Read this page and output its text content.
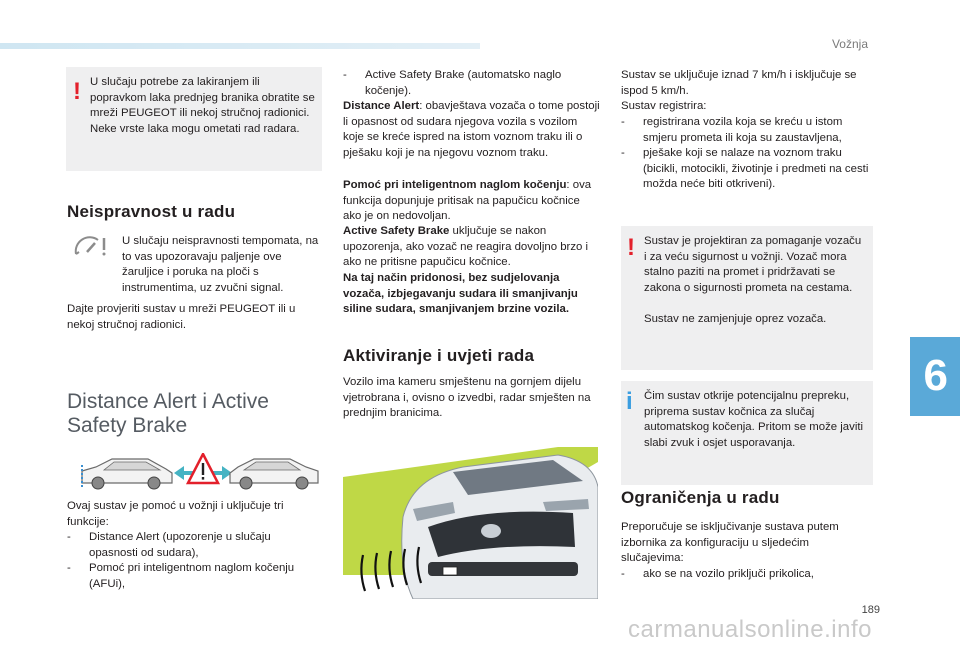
Vožnja
6
189
carmanualsonline.info
! U slučaju potrebe za lakiranjem ili popravkom laka prednjeg branika obratite se mreži PEUGEOT ili nekoj stručnoj radionici. Neke vrste laka mogu ometati rad radara.

Neispravnost u radu

U slučaju neispravnosti tempomata, na to vas upozoravaju paljenje ove žaruljice i poruka na ploči s instrumentima, uz zvučni signal.

Dajte provjeriti sustav u mreži PEUGEOT ili u nekoj stručnoj radionici.

Distance Alert i Active Safety Brake

Ovaj sustav je pomoć u vožnji i uključuje tri funkcije:

-	Distance Alert (upozorenje u slučaju opasnosti od sudara),
-	Pomoć pri inteligentnom naglom kočenju (AFUi),
-	Active Safety Brake (automatsko naglo kočenje).

Distance Alert: obavještava vozača o tome postoji li opasnost od sudara njegova vozila s vozilom koje se kreće ispred na istom voznom traku ili o pješaku koji je na njegovu voznom traku.

Pomoć pri inteligentnom naglom kočenju: ova funkcija dopunjuje pritisak na papučicu kočnice ako je on nedovoljan.

Active Safety Brake uključuje se nakon upozorenja, ako vozač ne reagira dovoljno brzo i ako ne pritisne papučicu kočnice.

Na taj način pridonosi, bez sudjelovanja vozača, izbjegavanju sudara ili smanjivanju siline sudara, smanjivanjem brzine vozila.

Aktiviranje i uvjeti rada

Vozilo ima kameru smještenu na gornjem dijelu vjetrobrana i, ovisno o izvedbi, radar smješten na prednjim branicima.

Sustav se uključuje iznad 7 km/h i isključuje se ispod 5 km/h.

Sustav registrira:

-	registrirana vozila koja se kreću u istom smjeru prometa ili koja su zaustavljena,
-	pješake koji se nalaze na voznom traku (bicikli, motocikli, životinje i predmeti na cesti možda neće biti otkriveni).
! Sustav je projektiran za pomaganje vozaču i za veću sigurnost u vožnji. Vozač mora stalno paziti na promet i pridržavati se zakona o sigurnosti prometa na cestama.

Sustav ne zamjenjuje oprez vozača.

i Čim sustav otkrije potencijalnu prepreku, priprema sustav kočnica za slučaj automatskog kočenja. Pritom se može javiti slabi zvuk i osjet usporavanja.

Ograničenja u radu

Preporučuje se isključivanje sustava putem izbornika za konfiguraciju u sljedećim slučajevima:

-	ako se na vozilo priključi prikolica,
